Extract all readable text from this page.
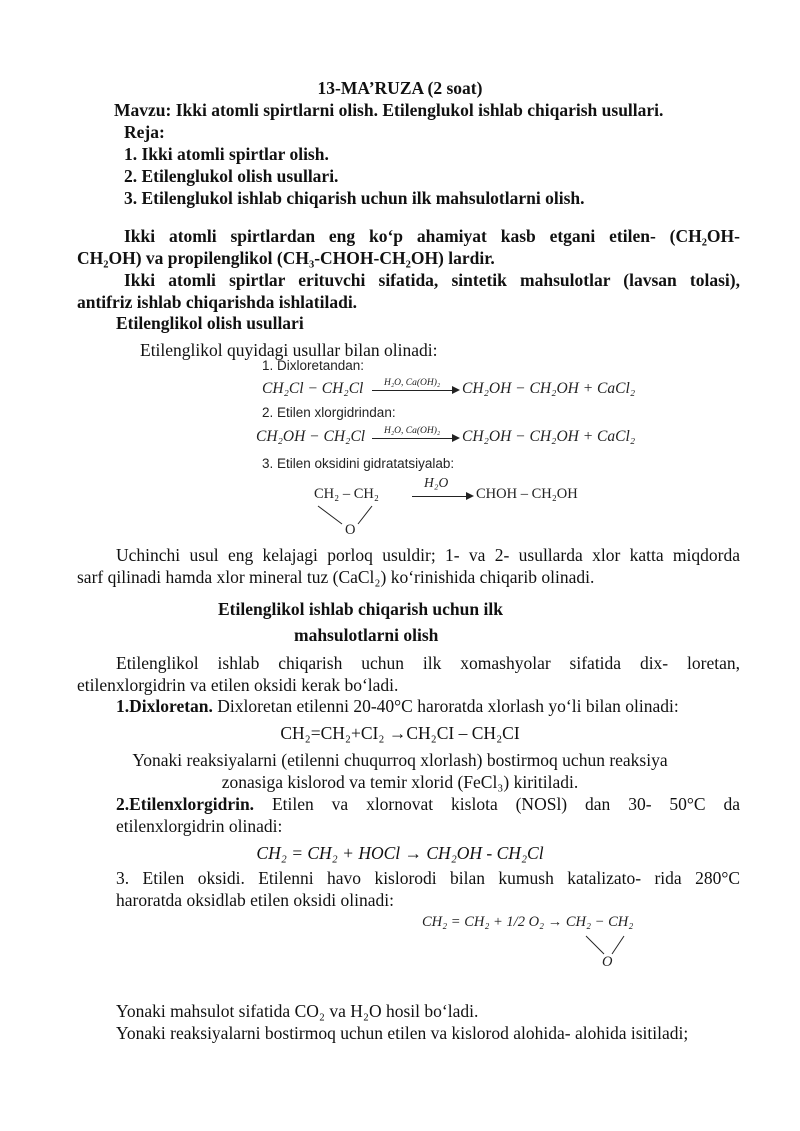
13-MA’RUZA (2 soat)
Mavzu: Ikki atomli spirtlarni olish. Etilenglukol ishlab chiqarish usullari.
Reja:
1. Ikki atomli spirtlar olish.
2. Etilenglukol olish usullari.
3. Etilenglukol ishlab chiqarish uchun ilk mahsulotlarni olish.
Ikki atomli spirtlardan eng ko‘p ahamiyat kasb etgani etilen- (CH₂OH-
CH₂OH) va propilenglikol (CH₃-CHOH-CH₂OH) lardir.
Ikki atomli spirtlar erituvchi sifatida, sintetik mahsulotlar (lavsan tolasi),
antifriz ishlab chiqarishda ishlatiladi.
Etilenglikol olish usullari
Etilenglikol quyidagi usullar bilan olinadi:
1. Dixloretandan:
CH₂Cl − CH₂Cl H₂O, Ca(OH)₂ CH₂OH − CH₂OH + CaCl₂
2. Etilen xlorgidrindan:
CH₂OH − CH₂Cl H₂O, Ca(OH)₂ CH₂OH − CH₂OH + CaCl₂
3. Etilen oksidini gidratatsiyalab:
CH₂ – CH₂
O
H₂O
CHOH – CH₂OH
Uchinchi usul eng kelajagi porloq usuldir; 1- va 2- usullarda xlor katta miqdorda
sarf qilinadi hamda xlor mineral tuz (CaCl₂) ko‘rinishida chiqarib olinadi.
Etilenglikol ishlab chiqarish uchun ilk
mahsulotlarni olish
Etilenglikol ishlab chiqarish uchun ilk xomashyolar sifatida dix- loretan,
etilenxlorgidrin va etilen oksidi kerak bo‘ladi.
1.Dixloretan. Dixloretan etilenni 20-40°C haroratda xlorlash yo‘li bilan olinadi:
CH₂=CH₂+CI₂ →CH₂CI – CH₂CI
Yonaki reaksiyalarni (etilenni chuqurroq xlorlash) bostirmoq uchun reaksiya
zonasiga kislorod va temir xlorid (FeCl₃) kiritiladi.
2.Etilenxlorgidrin. Etilen va xlornovat kislota (NOSl) dan 30- 50°C da
etilenxlorgidrin olinadi:
CH₂ = CH₂ + HOCl → CH₂OH - CH₂Cl
3. Etilen oksidi. Etilenni havo kislorodi bilan kumush katalizato- rida 280°C
haroratda oksidlab etilen oksidi olinadi:
CH₂ = CH₂ + 1/2 O₂ → CH₂ − CH₂
O
Yonaki mahsulot sifatida CO₂ va H₂O hosil bo‘ladi.
Yonaki reaksiyalarni bostirmoq uchun etilen va kislorod alohida- alohida isitiladi;
